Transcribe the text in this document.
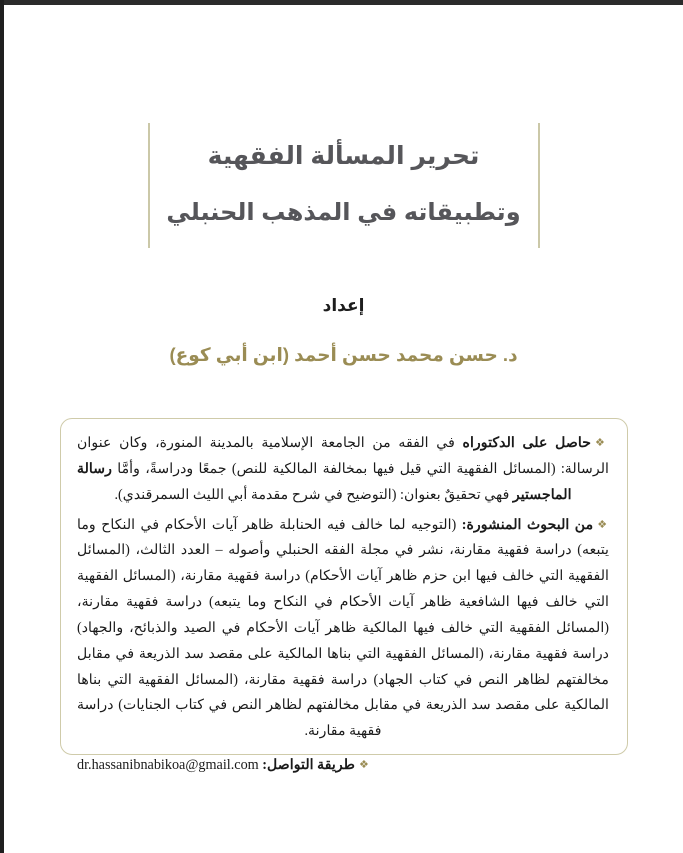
تحرير المسألة الفقهية
وتطبيقاته في المذهب الحنبلي
إعداد
د. حسن محمد حسن أحمد (ابن أبي كوع)
❖حاصل على الدكتوراه في الفقه من الجامعة الإسلامية بالمدينة المنورة، وكان عنوان الرسالة: (المسائل الفقهية التي قيل فيها بمخالفة المالكية للنص) جمعًا ودراسةً، وأمَّا رسالة الماجستير فهي تحقيقٌ بعنوان: (التوضيح في شرح مقدمة أبي الليث السمرقندي).
❖من البحوث المنشورة: (التوجيه لما خالف فيه الحنابلة ظاهر آيات الأحكام في النكاح وما يتبعه) دراسة فقهية مقارنة، نشر في مجلة الفقه الحنبلي وأصوله – العدد الثالث، (المسائل الفقهية التي خالف فيها ابن حزم ظاهر آيات الأحكام) دراسة فقهية مقارنة، (المسائل الفقهية التي خالف فيها الشافعية ظاهر آيات الأحكام في النكاح وما يتبعه) دراسة فقهية مقارنة، (المسائل الفقهية التي خالف فيها المالكية ظاهر آيات الأحكام في الصيد والذبائح، والجهاد) دراسة فقهية مقارنة، (المسائل الفقهية التي بناها المالكية على مقصد سد الذريعة في مقابل مخالفتهم لظاهر النص في كتاب الجهاد) دراسة فقهية مقارنة، (المسائل الفقهية التي بناها المالكية على مقصد سد الذريعة في مقابل مخالفتهم لظاهر النص في كتاب الجنايات) دراسة فقهية مقارنة.
❖طريقة التواصل: dr.hassanibnabikoa@gmail.com
